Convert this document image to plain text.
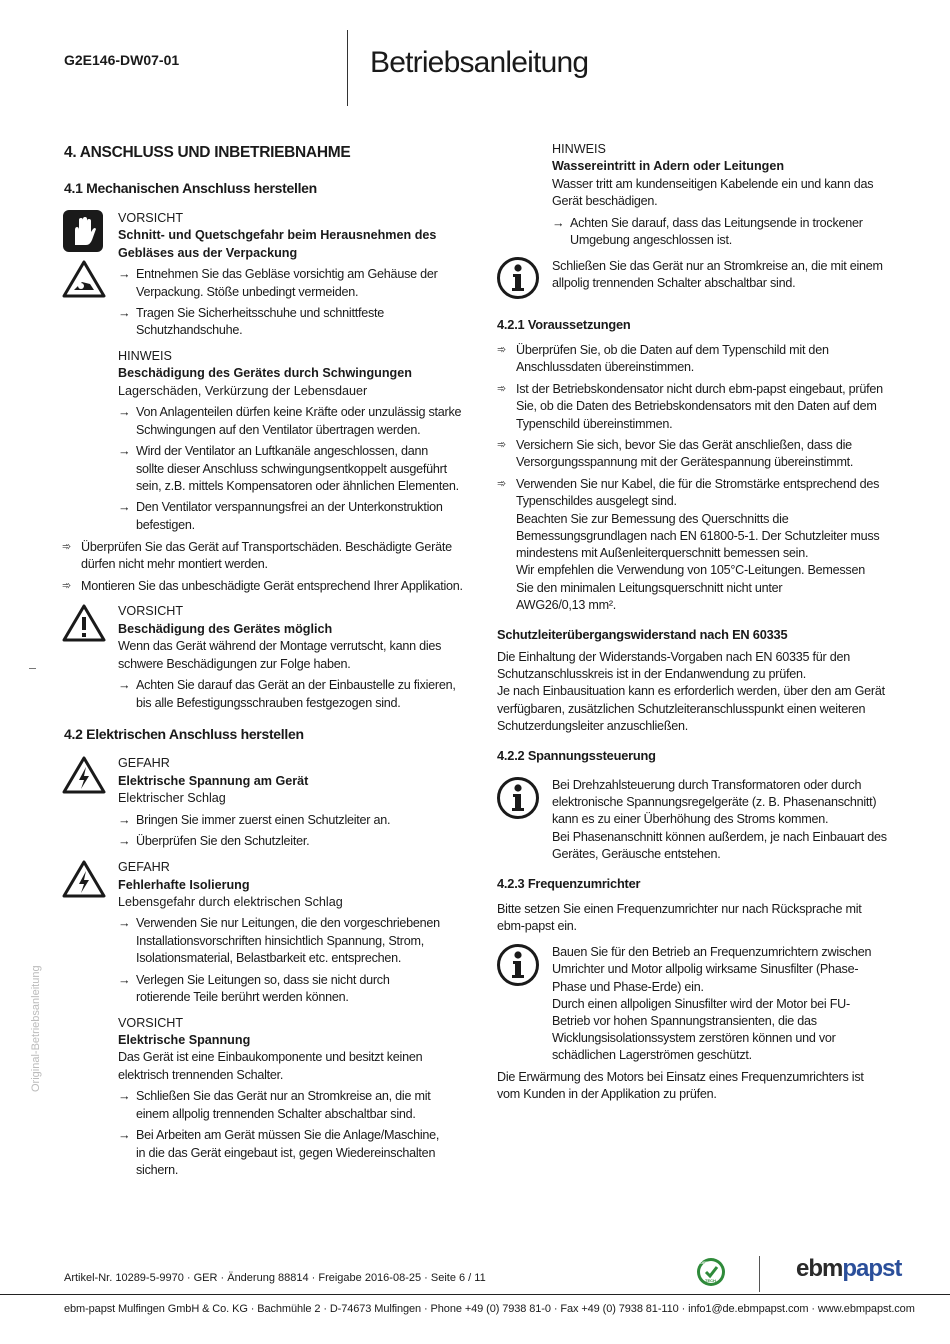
G2E146-DW07-01	Betriebsanleitung
Original-Betriebsanleitung
4. ANSCHLUSS UND INBETRIEBNAHME
4.1 Mechanischen Anschluss herstellen
VORSICHT
Schnitt- und Quetschgefahr beim Herausnehmen des
Gebläses aus der Verpackung
→ Entnehmen Sie das Gebläse vorsichtig am Gehäuse der
Verpackung. Stöße unbedingt vermeiden.
→ Tragen Sie Sicherheitsschuhe und schnittfeste
Schutzhandschuhe.
HINWEIS
Beschädigung des Gerätes durch Schwingungen
Lagerschäden, Verkürzung der Lebensdauer
→ Von Anlagenteilen dürfen keine Kräfte oder unzulässig starke
Schwingungen auf den Ventilator übertragen werden.
→ Wird der Ventilator an Luftkanäle angeschlossen, dann
sollte dieser Anschluss schwingungsentkoppelt ausgeführt
sein, z.B. mittels Kompensatoren oder ähnlichen Elementen.
→ Den Ventilator verspannungsfrei an der Unterkonstruktion
befestigen.
➾ Überprüfen Sie das Gerät auf Transportschäden. Beschädigte Geräte
dürfen nicht mehr montiert werden.
➾ Montieren Sie das unbeschädigte Gerät entsprechend Ihrer Applikation.
VORSICHT
Beschädigung des Gerätes möglich
Wenn das Gerät während der Montage verrutscht, kann dies
schwere Beschädigungen zur Folge haben.
→ Achten Sie darauf das Gerät an der Einbaustelle zu fixieren,
bis alle Befestigungsschrauben festgezogen sind.
4.2 Elektrischen Anschluss herstellen
GEFAHR
Elektrische Spannung am Gerät
Elektrischer Schlag
→ Bringen Sie immer zuerst einen Schutzleiter an.
→ Überprüfen Sie den Schutzleiter.
GEFAHR
Fehlerhafte Isolierung
Lebensgefahr durch elektrischen Schlag
→ Verwenden Sie nur Leitungen, die den vorgeschriebenen
Installationsvorschriften hinsichtlich Spannung, Strom,
Isolationsmaterial, Belastbarkeit etc. entsprechen.
→ Verlegen Sie Leitungen so, dass sie nicht durch
rotierende Teile berührt werden können.
VORSICHT
Elektrische Spannung
Das Gerät ist eine Einbaukomponente und besitzt keinen
elektrisch trennenden Schalter.
→ Schließen Sie das Gerät nur an Stromkreise an, die mit
einem allpolig trennenden Schalter abschaltbar sind.
→ Bei Arbeiten am Gerät müssen Sie die Anlage/Maschine,
in die das Gerät eingebaut ist, gegen Wiedereinschalten
sichern.
HINWEIS
Wassereintritt in Adern oder Leitungen
Wasser tritt am kundenseitigen Kabelende ein und kann das
Gerät beschädigen.
→ Achten Sie darauf, dass das Leitungsende in trockener
Umgebung angeschlossen ist.
Schließen Sie das Gerät nur an Stromkreise an, die mit einem
allpolig trennenden Schalter abschaltbar sind.
4.2.1 Voraussetzungen
➾ Überprüfen Sie, ob die Daten auf dem Typenschild mit den
Anschlussdaten übereinstimmen.
➾ Ist der Betriebskondensator nicht durch ebm-papst eingebaut, prüfen
Sie, ob die Daten des Betriebskondensators mit den Daten auf dem
Typenschild übereinstimmen.
➾ Versichern Sie sich, bevor Sie das Gerät anschließen, dass die
Versorgungsspannung mit der Gerätespannung übereinstimmt.
➾ Verwenden Sie nur Kabel, die für die Stromstärke entsprechend des
Typenschildes ausgelegt sind.
Beachten Sie zur Bemessung des Querschnitts die
Bemessungsgrundlagen nach EN 61800-5-1. Der Schutzleiter muss
mindestens mit Außenleiterquerschnitt bemessen sein.
Wir empfehlen die Verwendung von 105°C-Leitungen. Bemessen
Sie den minimalen Leitungsquerschnitt nicht unter
AWG26/0,13 mm².
Schutzleiterübergangswiderstand nach EN 60335
Die Einhaltung der Widerstands-Vorgaben nach EN 60335 für den
Schutzanschlusskreis ist in der Endanwendung zu prüfen.
Je nach Einbausituation kann es erforderlich werden, über den am Gerät
verfügbaren, zusätzlichen Schutzleiteranschlusspunkt einen weiteren
Schutzerdungsleiter anzuschließen.
4.2.2 Spannungssteuerung
Bei Drehzahlsteuerung durch Transformatoren oder durch
elektronische Spannungsregelgeräte (z. B. Phasenanschnitt)
kann es zu einer Überhöhung des Stroms kommen.
Bei Phasenanschnitt können außerdem, je nach Einbauart des
Gerätes, Geräusche entstehen.
4.2.3 Frequenzumrichter
Bitte setzen Sie einen Frequenzumrichter nur nach Rücksprache mit
ebm-papst ein.
Bauen Sie für den Betrieb an Frequenzumrichtern zwischen
Umrichter und Motor allpolig wirksame Sinusfilter (Phase-
Phase und Phase-Erde) ein.
Durch einen allpoligen Sinusfilter wird der Motor bei FU-
Betrieb vor hohen Spannungstransienten, die das
Wicklungsisolationssystem zerstören können und vor
schädlichen Lagerströmen geschützt.
Die Erwärmung des Motors bei Einsatz eines Frequenzumrichters ist
vom Kunden in der Applikation zu prüfen.
Artikel-Nr. 10289-5-9970 · GER · Änderung 88814 · Freigabe 2016-08-25 · Seite 6 / 11
GREEN
TECH	ebmpapst
ebm-papst Mulfingen GmbH & Co. KG · Bachmühle 2 · D-74673 Mulfingen · Phone +49 (0) 7938 81-0 · Fax +49 (0) 7938 81-110 · info1@de.ebmpapst.com · www.ebmpapst.com
